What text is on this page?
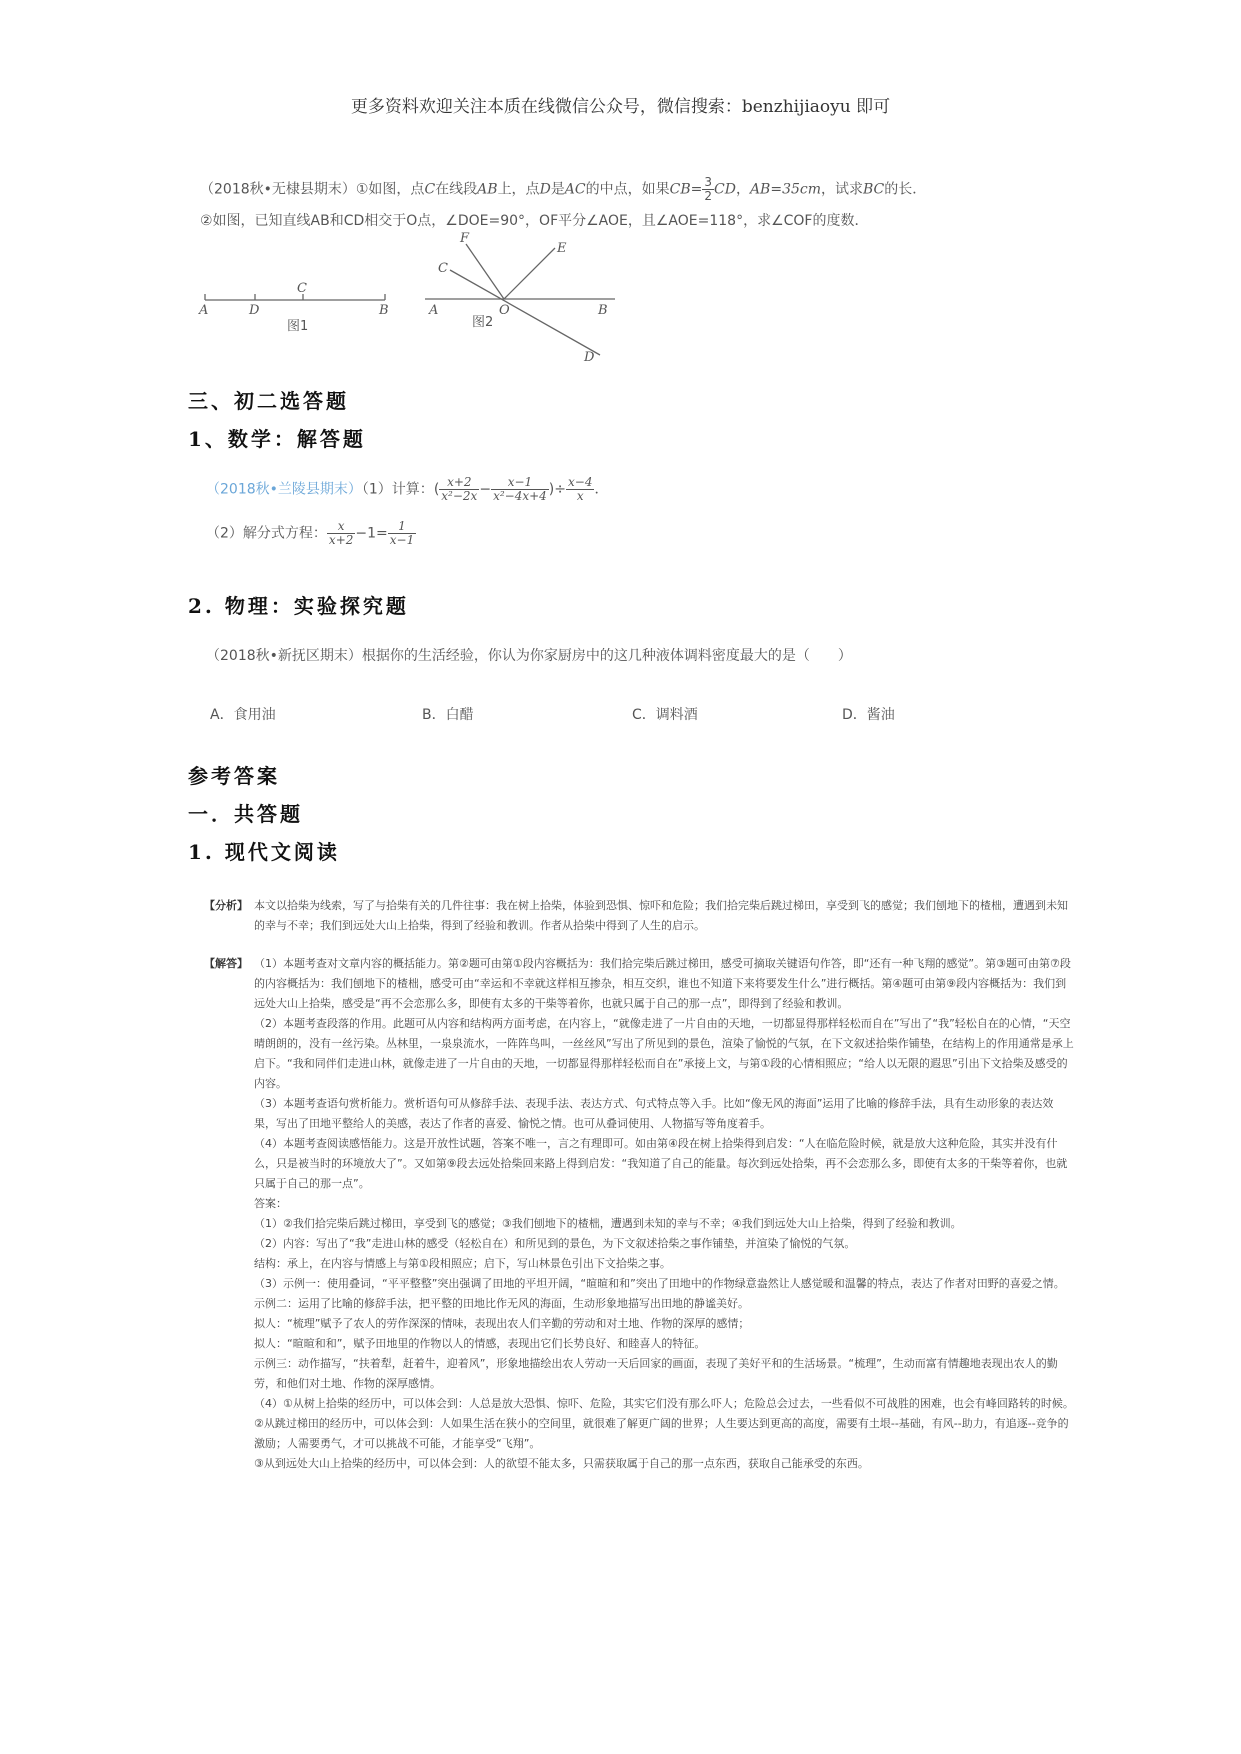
更多资料欢迎关注本质在线微信公众号，微信搜索：benzhijiaoyu 即可
（2018秋•无棣县期末）①如图，点C在线段AB上，点D是AC的中点，如果$CB= \frac{3}{2}$ CD，AB=35cm，试求BC的长．
②如图，已知直线AB和CD相交于O点，∠DOE=90°，OF平分∠AOE，且∠AOE=118°，求∠COF的度数．
A	D
C
B
图1
F
E
C
A	O	B
D
图2
三、初二选答题
1、数学：解答题
（2018秋•兰陵县期末）（1）计算：( $\frac{x+2}{\text{x²−2x}} - \frac{x-1}{\text{x²−4x+4}}$ )÷ $\frac{x-4}{x}$ ．
（2）解分式方程： $\frac{x}{x+2} -1= \frac{1}{x-1}$
2. 物理：实验探究题
（2018秋•新抚区期末）根据你的生活经验，你认为你家厨房中的这几种液体调料密度最大的是（　　）
A．食用油	B．白醋	C．调料酒	D．酱油
参考答案
一．共答题
1. 现代文阅读
【分析】 本文以拾柴为线索，写了与拾柴有关的几件往事：我在树上拾柴，体验到恐惧、惊吓和危险；我们拾完柴后跳过梯田，享受到飞的感觉；我们刨地下的楂柮，遭遇到未知的幸与不幸；我们到远处大山上拾柴，得到了经验和教训。作者从拾柴中得到了人生的启示。
【解答】 （1）本题考查对文章内容的概括能力。第②题可由第①段内容概括为：我们拾完柴后跳过梯田，感受可摘取关键语句作答，即“还有一种飞翔的感觉”。第③题可由第⑦段的内容概括为：我们刨地下的楂柮，感受可由“幸运和不幸就这样相互掺杂，相互交织，谁也不知道下来将要发生什么”进行概括。第④题可由第⑨段内容概括为：我们到远处大山上拾柴，感受是“再不会恋那么多，即使有太多的干柴等着你，也就只属于自己的那一点”，即得到了经验和教训。

（2）本题考查段落的作用。此题可从内容和结构两方面考虑，在内容上，“就像走进了一片自由的天地，一切都显得那样轻松而自在”写出了“我”轻松自在的心情，“天空晴朗朗的，没有一丝污染。丛林里，一泉泉流水，一阵阵鸟叫，一丝丝风”写出了所见到的景色，渲染了愉悦的气氛，在下文叙述拾柴作铺垫，在结构上的作用通常是承上启下。“我和同伴们走进山林，就像走进了一片自由的天地，一切都显得那样轻松而自在”承接上文，与第①段的心情相照应；“给人以无限的遐思”引出下文拾柴及感受的内容。

（3）本题考查语句赏析能力。赏析语句可从修辞手法、表现手法、表达方式、句式特点等入手。比如“像无风的海面”运用了比喻的修辞手法，具有生动形象的表达效果，写出了田地平整给人的美感，表达了作者的喜爱、愉悦之情。也可从叠词使用、人物描写等角度着手。

（4）本题考查阅读感悟能力。这是开放性试题，答案不唯一，言之有理即可。如由第④段在树上拾柴得到启发：“人在临危险时候，就是放大这种危险，其实并没有什么，只是被当时的环境放大了”。又如第⑨段去远处拾柴回来路上得到启发：“我知道了自己的能量。每次到远处拾柴，再不会恋那么多，即使有太多的干柴等着你，也就只属于自己的那一点”。

答案：

（1）②我们拾完柴后跳过梯田，享受到飞的感觉；③我们刨地下的楂柮，遭遇到未知的幸与不幸；④我们到远处大山上拾柴，得到了经验和教训。

（2）内容：写出了“我”走进山林的感受（轻松自在）和所见到的景色，为下文叙述拾柴之事作铺垫，并渲染了愉悦的气氛。

结构：承上，在内容与情感上与第①段相照应；启下，写山林景色引出下文拾柴之事。

（3）示例一：使用叠词，“平平整整”突出强调了田地的平坦开阔，“暄暄和和”突出了田地中的作物绿意盎然让人感觉暖和温馨的特点，表达了作者对田野的喜爱之情。

示例二：运用了比喻的修辞手法，把平整的田地比作无风的海面，生动形象地描写出田地的静谧美好。

拟人：“梳理”赋予了农人的劳作深深的情味，表现出农人们辛勤的劳动和对土地、作物的深厚的感情；

拟人：“暄暄和和”，赋予田地里的作物以人的情感，表现出它们长势良好、和睦喜人的特征。

示例三：动作描写，“扶着犁，赶着牛，迎着风”，形象地描绘出农人劳动一天后回家的画面，表现了美好平和的生活场景。“梳理”，生动而富有情趣地表现出农人的勤劳，和他们对土地、作物的深厚感情。

（4）①从树上拾柴的经历中，可以体会到：人总是放大恐惧、惊吓、危险，其实它们没有那么吓人；危险总会过去，一些看似不可战胜的困难，也会有峰回路转的时候。

②从跳过梯田的经历中，可以体会到：人如果生活在狭小的空间里，就很难了解更广阔的世界；人生要达到更高的高度，需要有土垠--基础，有风--助力，有追逐--竞争的激励；人需要勇气，才可以挑战不可能，才能享受“飞翔”。

③从到远处大山上拾柴的经历中，可以体会到：人的欲望不能太多，只需获取属于自己的那一点东西，获取自己能承受的东西。
